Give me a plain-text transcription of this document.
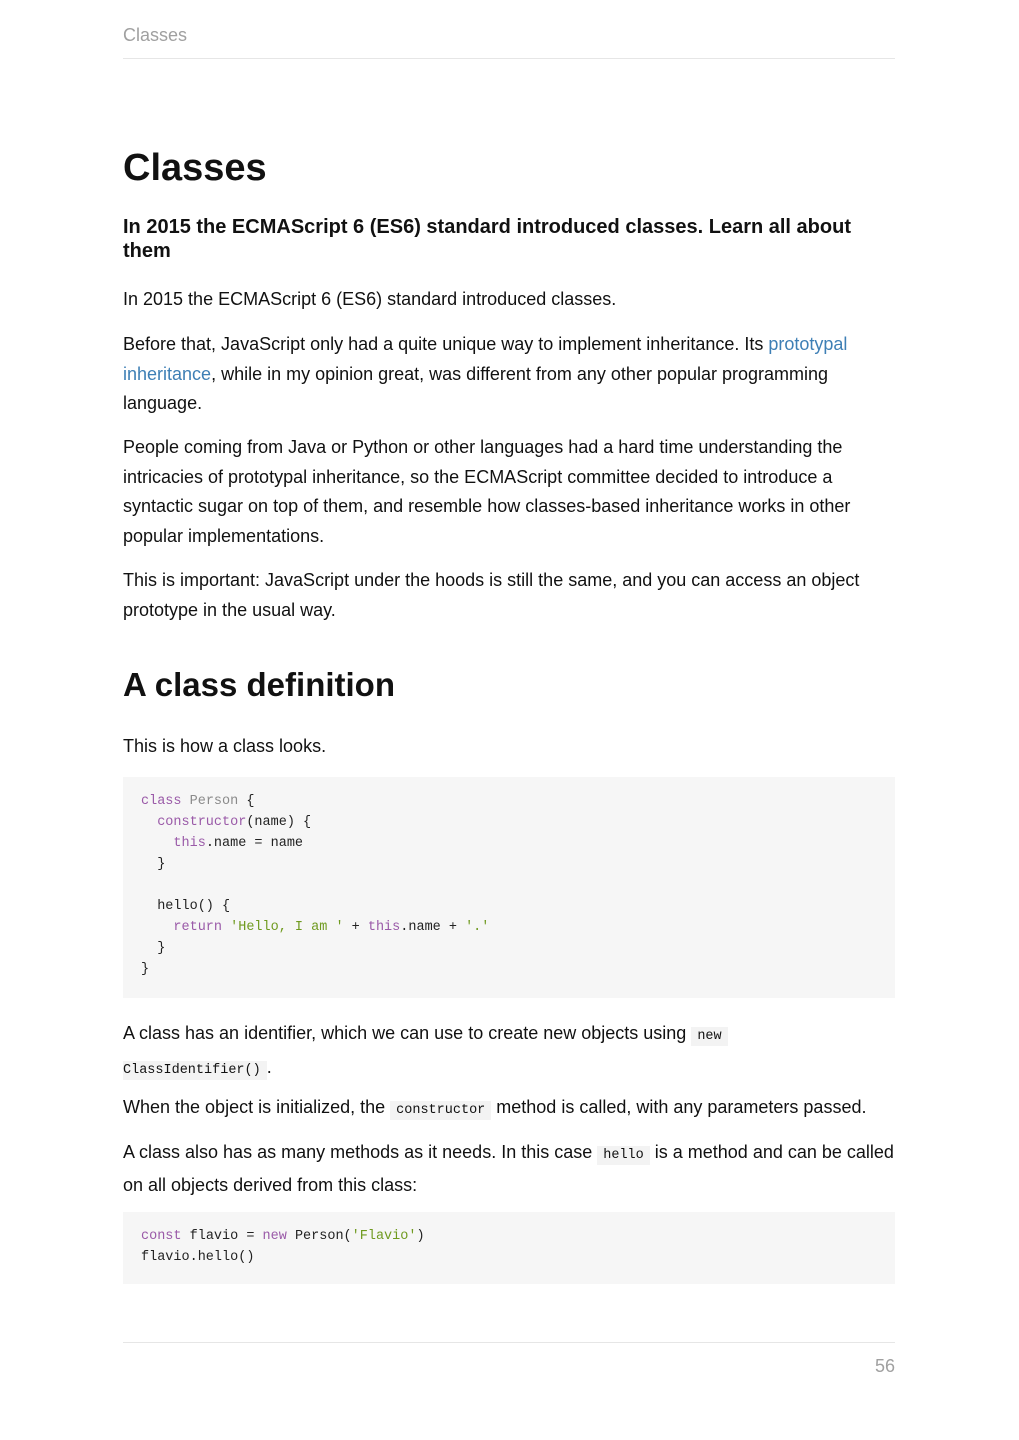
Classes
Classes
In 2015 the ECMAScript 6 (ES6) standard introduced classes. Learn all about them

In 2015 the ECMAScript 6 (ES6) standard introduced classes.

Before that, JavaScript only had a quite unique way to implement inheritance. Its prototypal inheritance, while in my opinion great, was different from any other popular programming language.

People coming from Java or Python or other languages had a hard time understanding the intricacies of prototypal inheritance, so the ECMAScript committee decided to introduce a syntactic sugar on top of them, and resemble how classes-based inheritance works in other popular implementations.

This is important: JavaScript under the hoods is still the same, and you can access an object prototype in the usual way.

A class definition

This is how a class looks.

class Person {
constructor(name) {
this.name = name
}
hello() {
return 'Hello, I am ' + this.name + '.'
}
}

A class has an identifier, which we can use to create new objects using new
ClassIdentifier() .

When the object is initialized, the constructor method is called, with any parameters passed.

A class also has as many methods as it needs. In this case hello is a method and can be called on all objects derived from this class:

const flavio = new Person('Flavio')
flavio.hello()
56
